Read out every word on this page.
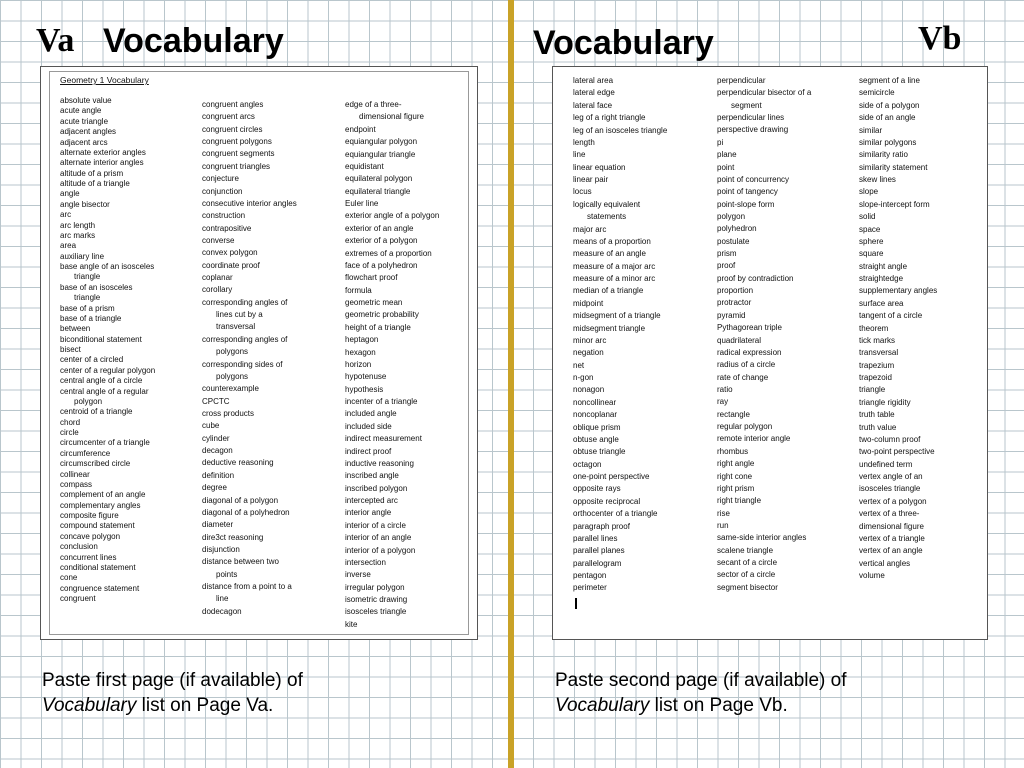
Va Vocabulary	Vocabulary	Vb
Geometry 1 Vocabulary
absolute value
acute angle
acute triangle
adjacent angles
adjacent arcs
alternate exterior angles
alternate interior angles
altitude of a prism
altitude of a triangle
angle
angle bisector
arc
arc length
arc marks
area
auxiliary line
base angle of an isosceles
triangle
base of an isosceles
triangle
base of a prism
base of a triangle
between
biconditional statement
bisect
center of a circled
center of a regular polygon
central angle of a circle
central angle of a regular
polygon
centroid of a triangle
chord
circle
circumcenter of a triangle
circumference
circumscribed circle
collinear
compass
complement of an angle
complementary angles
composite figure
compound statement
concave polygon
conclusion
concurrent lines
conditional statement
cone
congruence statement
congruent
congruent angles
congruent arcs
congruent circles
congruent polygons
congruent segments
congruent triangles
conjecture
conjunction
consecutive interior angles
construction
contrapositive
converse
convex polygon
coordinate proof
coplanar
corollary
corresponding angles of
lines cut by a
transversal
corresponding angles of
polygons
corresponding sides of
polygons
counterexample
CPCTC
cross products
cube
cylinder
decagon
deductive reasoning
definition
degree
diagonal of a polygon
diagonal of a polyhedron
diameter
dire3ct reasoning
disjunction
distance between two
points
distance from a point to a
line
dodecagon
edge of a three-
dimensional figure
endpoint
equiangular polygon
equiangular triangle
equidistant
equilateral polygon
equilateral triangle
Euler line
exterior angle of a polygon
exterior of an angle
exterior of a polygon
extremes of a proportion
face of a polyhedron
flowchart proof
formula
geometric mean
geometric probability
height of a triangle
heptagon
hexagon
horizon
hypotenuse
hypothesis
incenter of a triangle
included angle
included side
indirect measurement
indirect proof
inductive reasoning
inscribed angle
inscribed polygon
intercepted arc
interior angle
interior of a circle
interior of an angle
interior of a polygon
intersection
inverse
irregular polygon
isometric drawing
isosceles triangle
kite
lateral area
lateral edge
lateral face
leg of a right triangle
leg of an isosceles triangle
length
line
linear equation
linear pair
locus
logically equivalent
statements
major arc
means of a proportion
measure of an angle
measure of a major arc
measure of a minor arc
median of a triangle
midpoint
midsegment of a triangle
midsegment triangle
minor arc
negation
net
n-gon
nonagon
noncollinear
noncoplanar
oblique prism
obtuse angle
obtuse triangle
octagon
one-point perspective
opposite rays
opposite reciprocal
orthocenter of a triangle
paragraph proof
parallel lines
parallel planes
parallelogram
pentagon
perimeter
perpendicular
perpendicular bisector of a
segment
perpendicular lines
perspective drawing
pi
plane
point
point of concurrency
point of tangency
point-slope form
polygon
polyhedron
postulate
prism
proof
proof by contradiction
proportion
protractor
pyramid
Pythagorean triple
quadrilateral
radical expression
radius of a circle
rate of change
ratio
ray
rectangle
regular polygon
remote interior angle
rhombus
right angle
right cone
right prism
right triangle
rise
run
same-side interior angles
scalene triangle
secant of a circle
sector of a circle
segment bisector
segment of a line
semicircle
side of a polygon
side of an angle
similar
similar polygons
similarity ratio
similarity statement
skew lines
slope
slope-intercept form
solid
space
sphere
square
straight angle
straightedge
supplementary angles
surface area
tangent of a circle
theorem
tick marks
transversal
trapezium
trapezoid
triangle
triangle rigidity
truth table
truth value
two-column proof
two-point perspective
undefined term
vertex angle of an
isosceles triangle
vertex of a polygon
vertex of a three-
dimensional figure
vertex of a triangle
vertex of an angle
vertical angles
volume
Paste first page (if available) of
Vocabulary list on Page Va.
Paste second page (if available) of
Vocabulary list on Page Vb.
